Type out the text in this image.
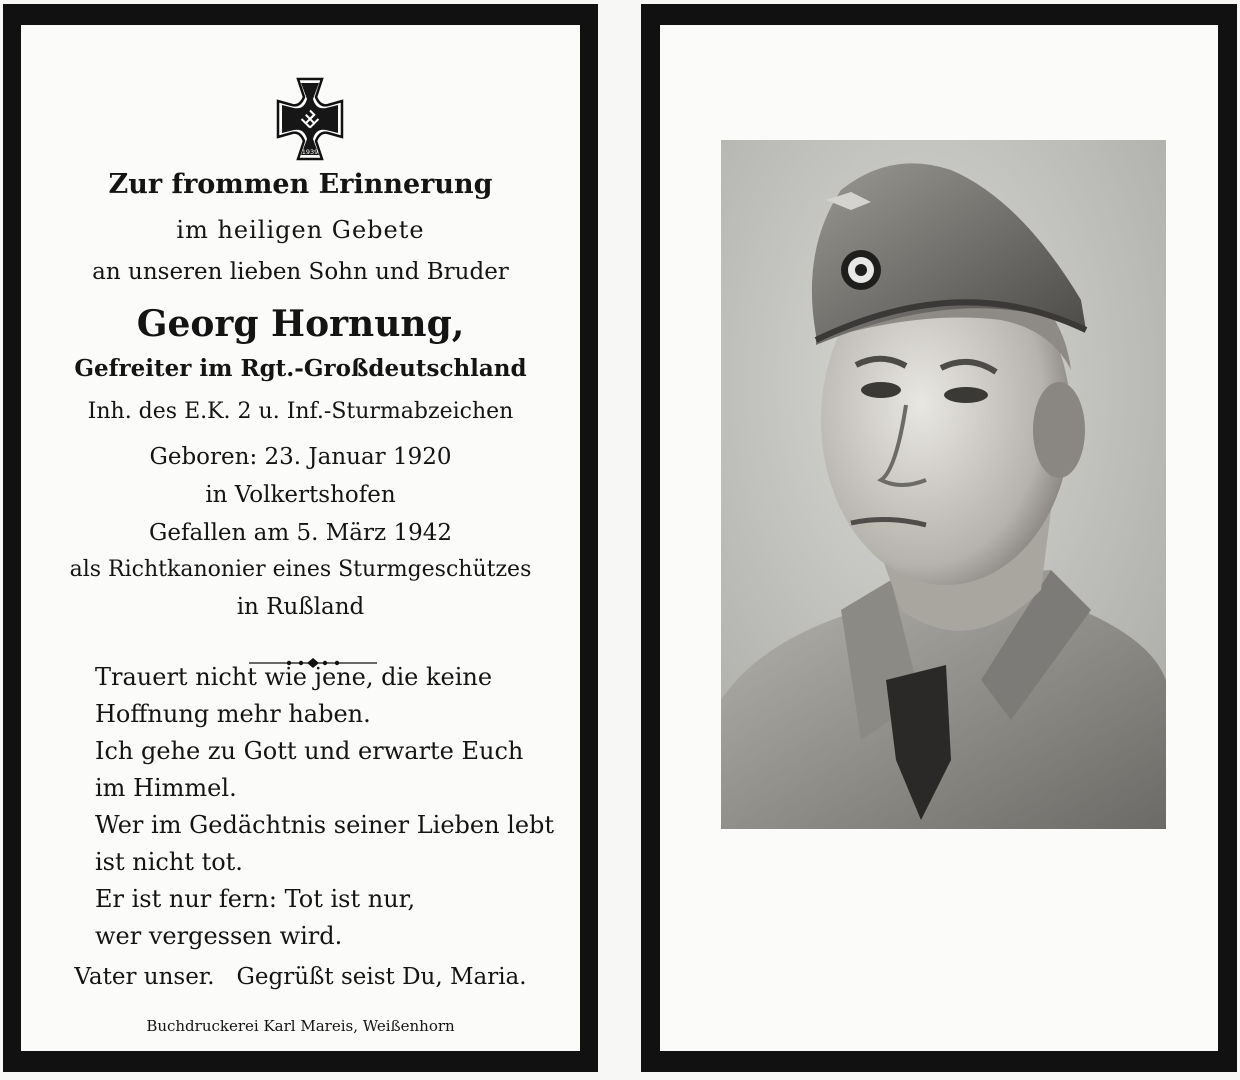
1939
Zur frommen Erinnerung
im heiligen Gebete
an unseren lieben Sohn und Bruder
Georg Hornung,
Gefreiter im Rgt.-Großdeutschland
Inh. des E.K. 2 u. Inf.-Sturmabzeichen
Geboren: 23. Januar 1920
in Volkertshofen
Gefallen am 5. März 1942
als Richtkanonier eines Sturmgeschützes
in Rußland
Trauert nicht wie jene, die keine
Hoffnung mehr haben.
Ich gehe zu Gott und erwarte Euch
im Himmel.
Wer im Gedächtnis seiner Lieben lebt
ist nicht tot.
Er ist nur fern: Tot ist nur,
wer vergessen wird.
Vater unser.   Gegrüßt seist Du, Maria.
Buchdruckerei Karl Mareis, Weißenhorn
